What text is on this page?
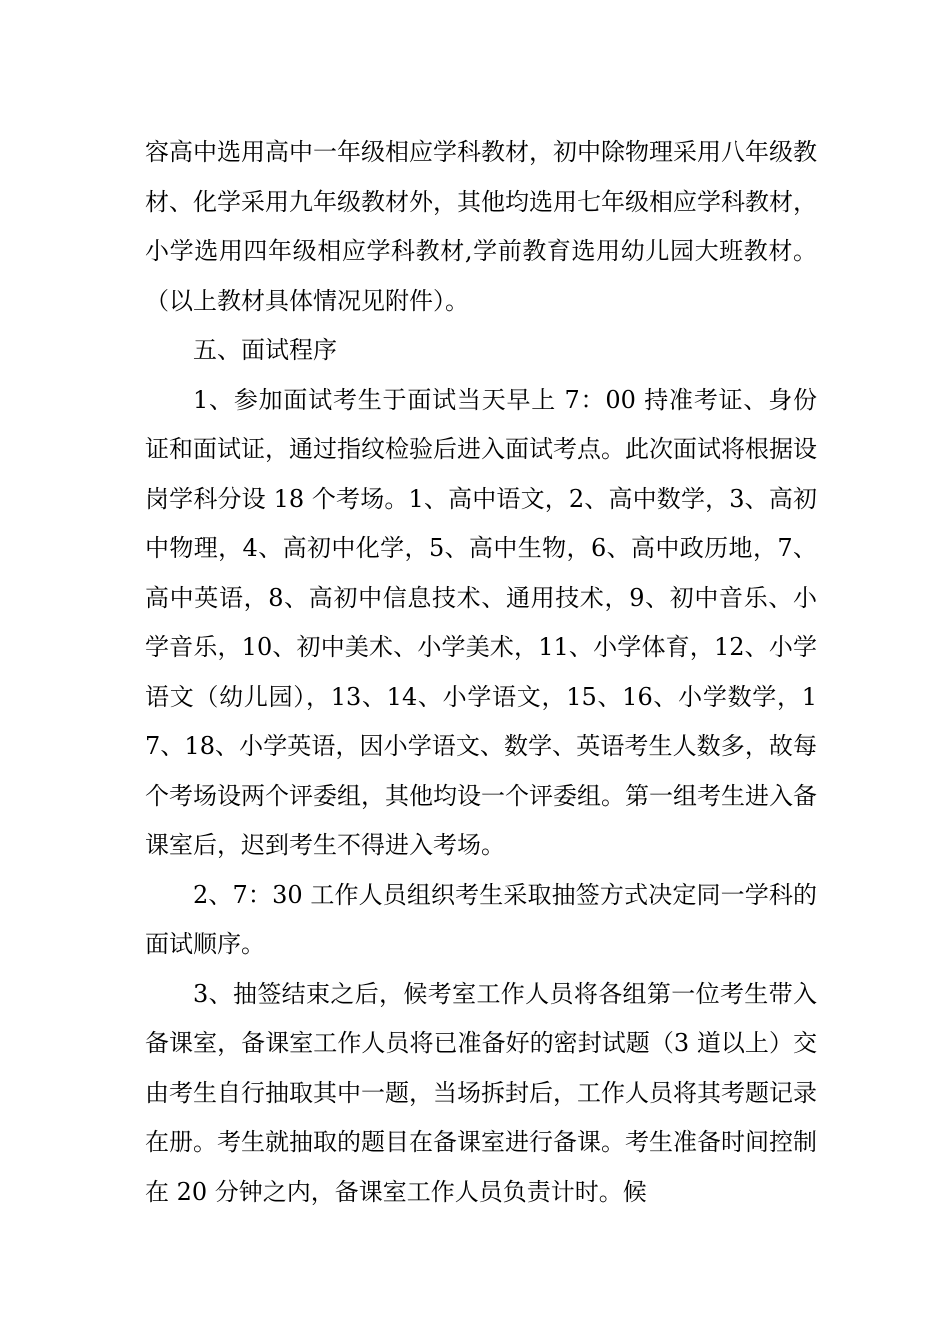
容高中选用高中一年级相应学科教材，初中除物理采用八年级教材、化学采用九年级教材外，其他均选用七年级相应学科教材，小学选用四年级相应学科教材,学前教育选用幼儿园大班教材。（以上教材具体情况见附件）。

五、面试程序

1、参加面试考生于面试当天早上 7：00 持准考证、身份证和面试证，通过指纹检验后进入面试考点。此次面试将根据设岗学科分设 18 个考场。1、高中语文，2、高中数学，3、高初中物理，4、高初中化学，5、高中生物，6、高中政历地，7、高中英语，8、高初中信息技术、通用技术，9、初中音乐、小学音乐，10、初中美术、小学美术，11、小学体育，12、小学语文（幼儿园），13、14、小学语文，15、16、小学数学，17、18、小学英语，因小学语文、数学、英语考生人数多，故每个考场设两个评委组，其他均设一个评委组。第一组考生进入备课室后，迟到考生不得进入考场。

2、7：30 工作人员组织考生采取抽签方式决定同一学科的面试顺序。

3、抽签结束之后，候考室工作人员将各组第一位考生带入备课室，备课室工作人员将已准备好的密封试题（3 道以上）交由考生自行抽取其中一题，当场拆封后，工作人员将其考题记录在册。考生就抽取的题目在备课室进行备课。考生准备时间控制在 20 分钟之内，备课室工作人员负责计时。候
